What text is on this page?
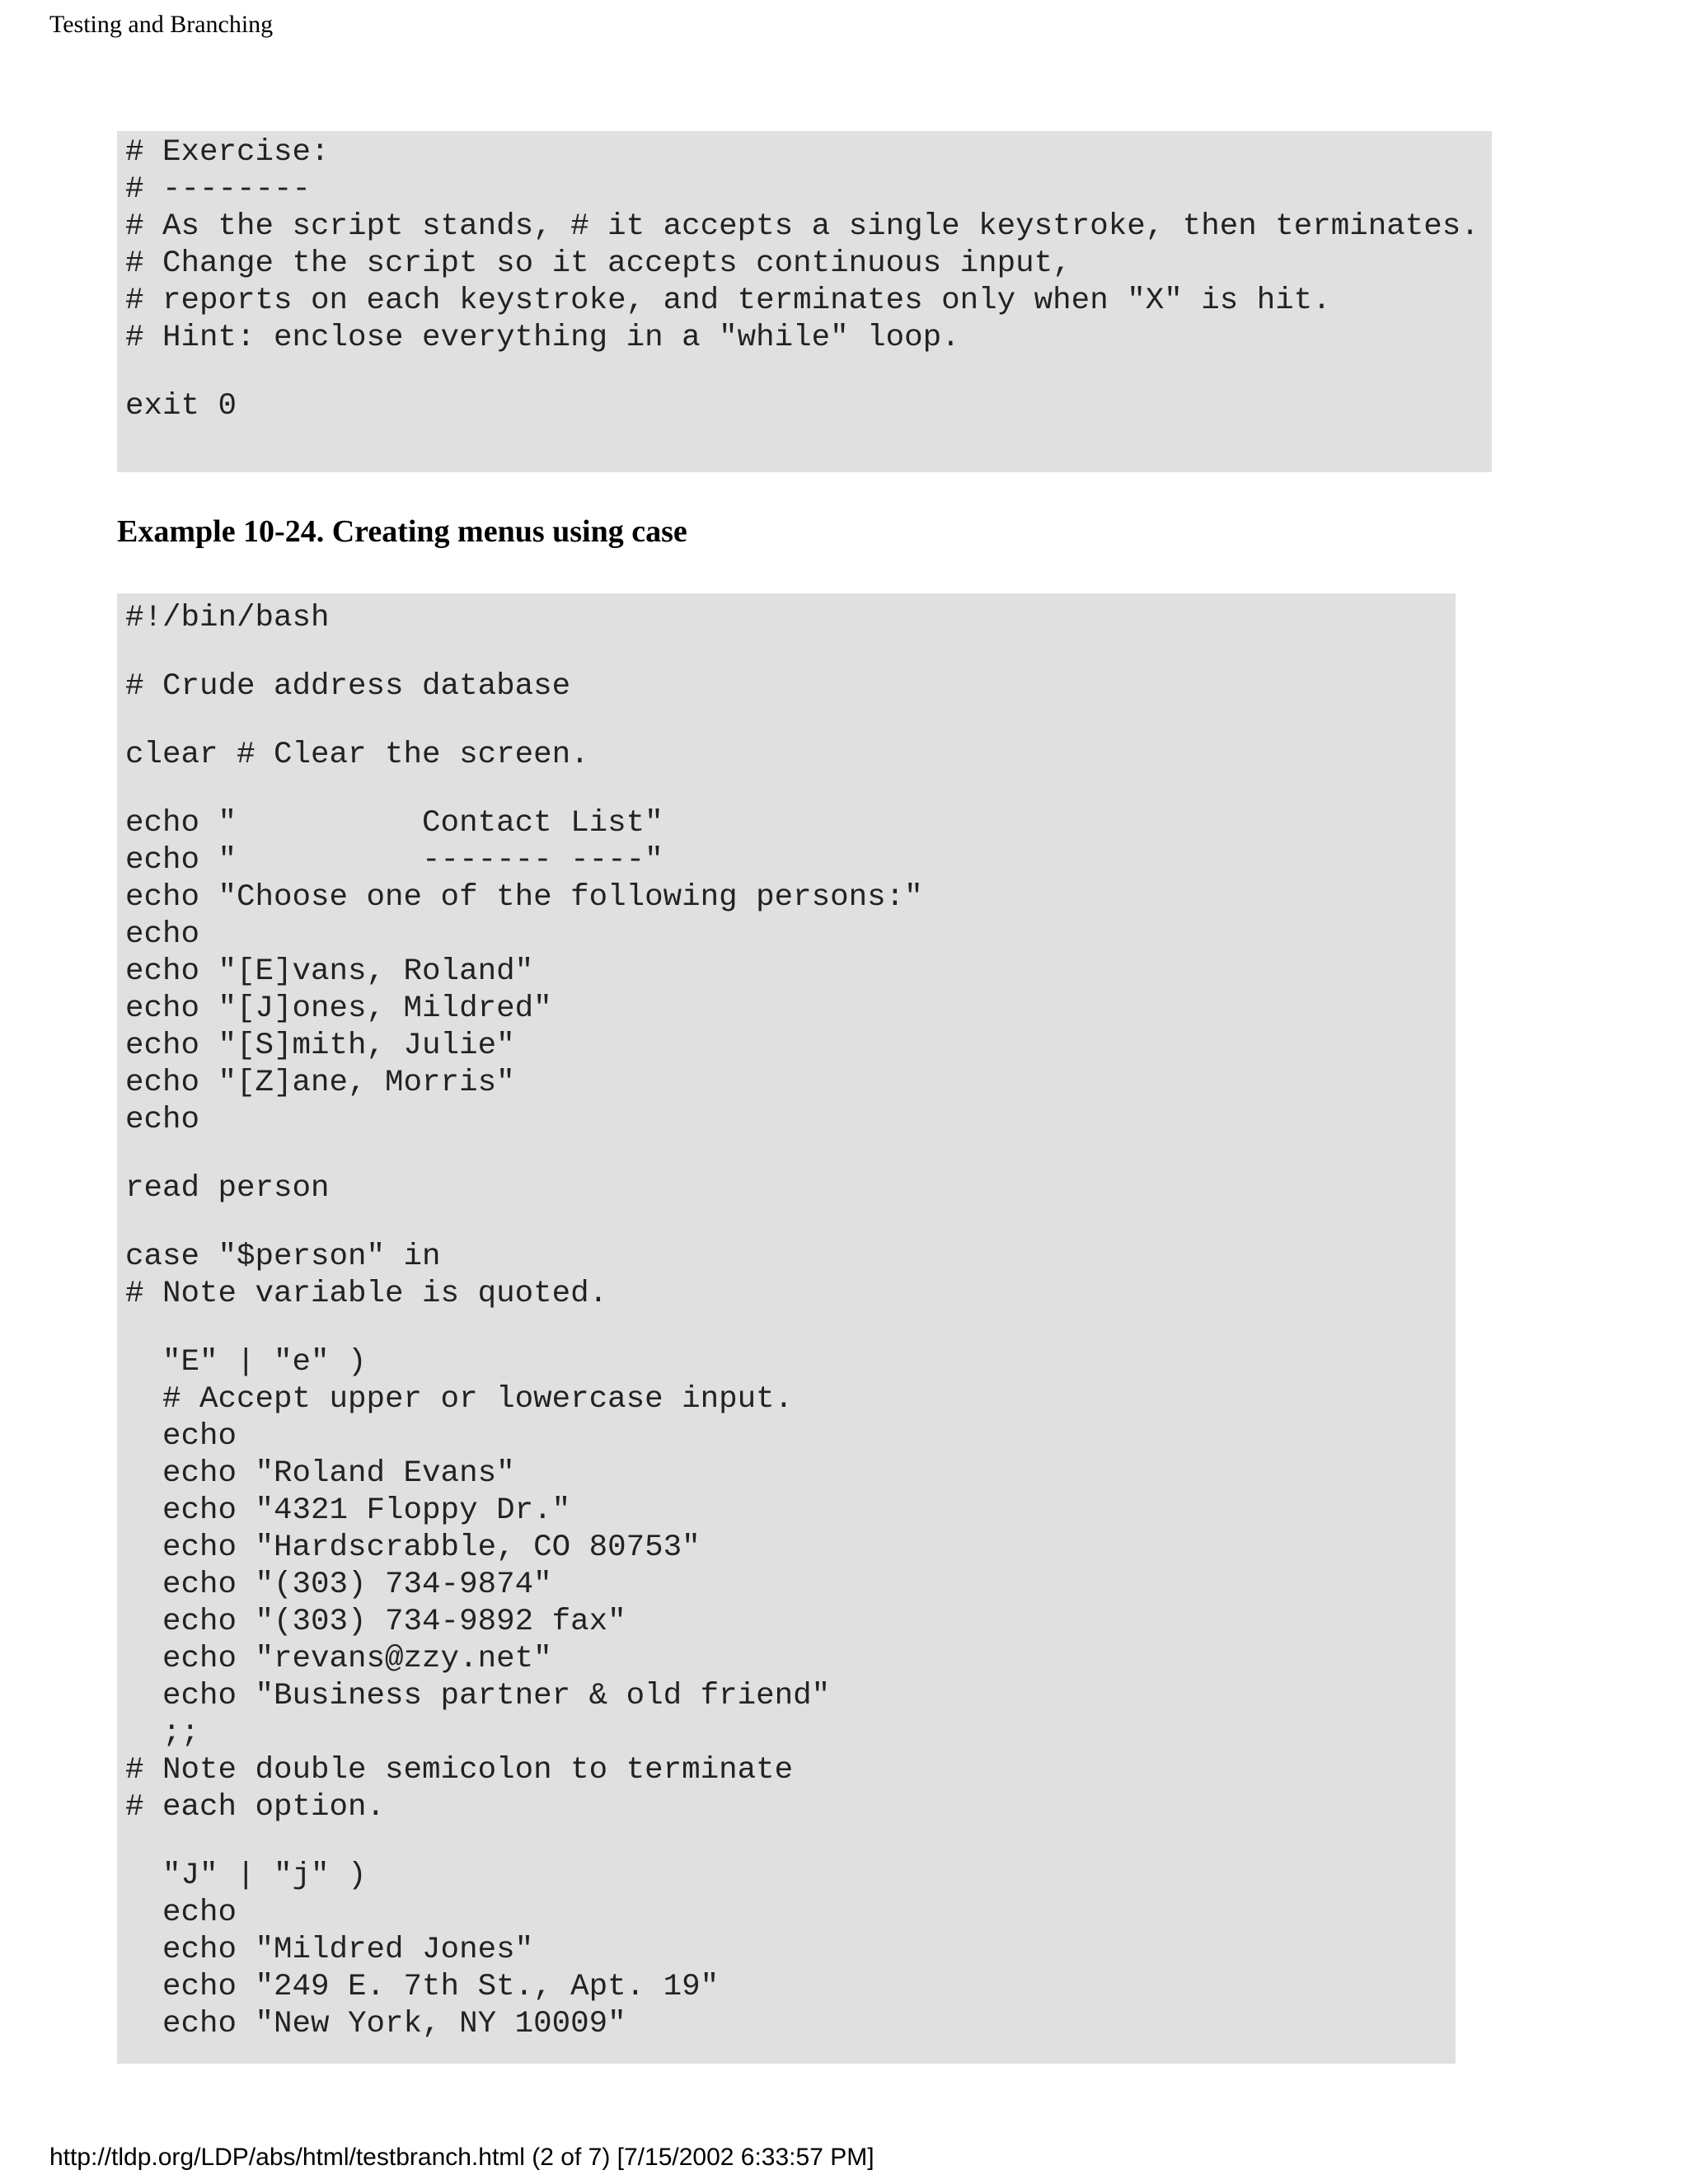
Testing and Branching
# Exercise:
# --------
# As the script stands, # it accepts a single keystroke, then terminates.
# Change the script so it accepts continuous input,
# reports on each keystroke, and terminates only when "X" is hit.
# Hint: enclose everything in a "while" loop.
exit 0
Example 10-24. Creating menus using case
#!/bin/bash
# Crude address database
clear # Clear the screen.
echo "          Contact List"
echo "          ------- ----"
echo "Choose one of the following persons:"
echo
echo "[E]vans, Roland"
echo "[J]ones, Mildred"
echo "[S]mith, Julie"
echo "[Z]ane, Morris"
echo
read person
case "$person" in
# Note variable is quoted.
"E" | "e" )
# Accept upper or lowercase input.
echo
echo "Roland Evans"
echo "4321 Floppy Dr."
echo "Hardscrabble, CO 80753"
echo "(303) 734-9874"
echo "(303) 734-9892 fax"
echo "revans@zzy.net"
echo "Business partner & old friend"
;;
# Note double semicolon to terminate
# each option.
"J" | "j" )
echo
echo "Mildred Jones"
echo "249 E. 7th St., Apt. 19"
echo "New York, NY 10009"
http://tldp.org/LDP/abs/html/testbranch.html (2 of 7) [7/15/2002 6:33:57 PM]
